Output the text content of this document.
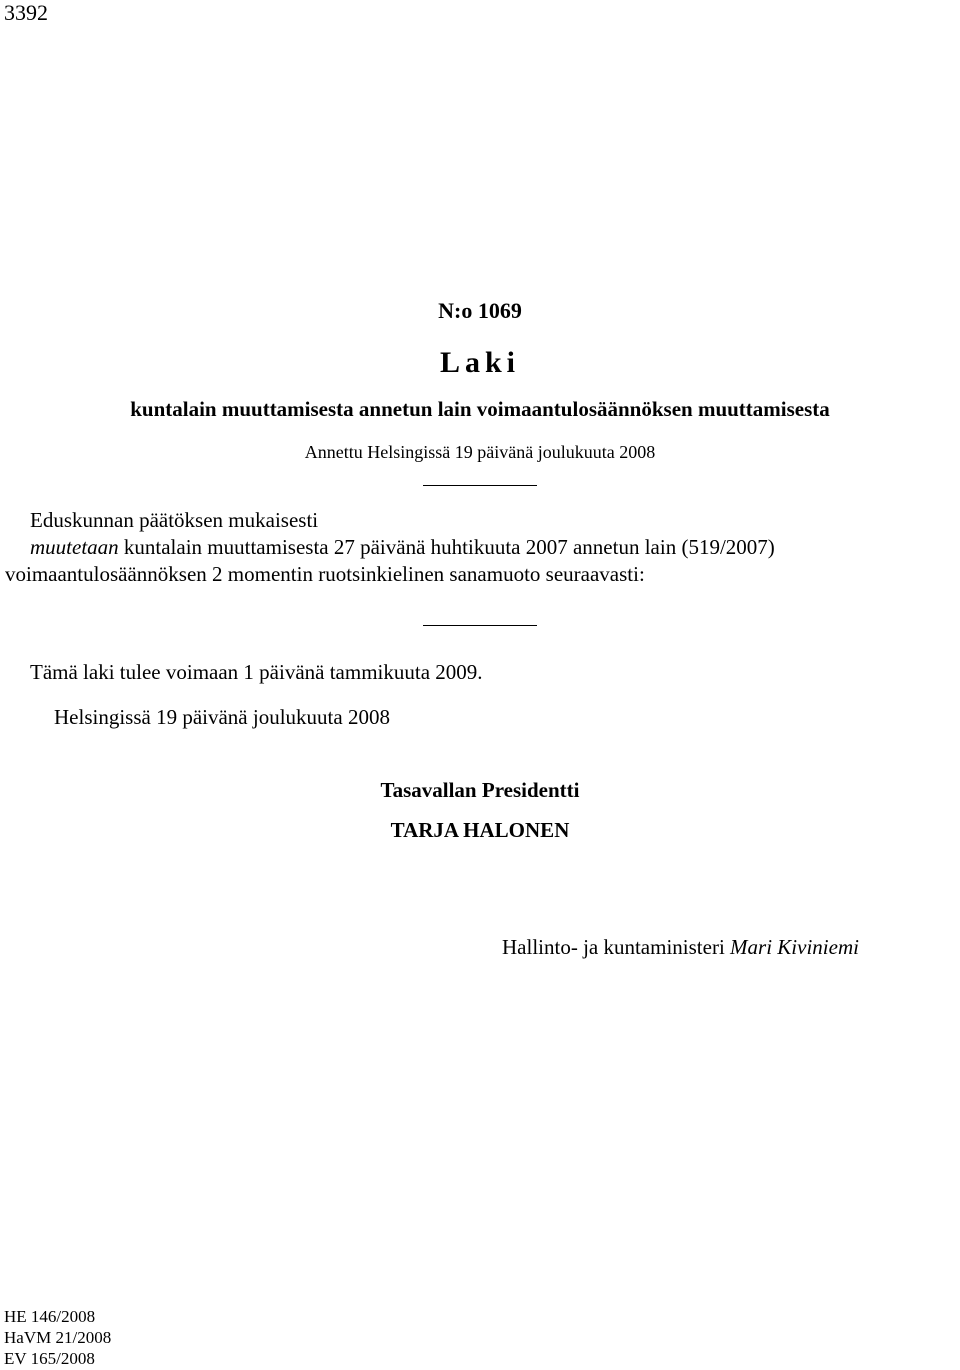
3392
N:o 1069
Laki
kuntalain muuttamisesta annetun lain voimaantulosäännöksen muuttamisesta
Annettu Helsingissä 19 päivänä joulukuuta 2008
Eduskunnan päätöksen mukaisesti
muutetaan kuntalain muuttamisesta 27 päivänä huhtikuuta 2007 annetun lain (519/2007)
voimaantulosäännöksen 2 momentin ruotsinkielinen sanamuoto seuraavasti:
Tämä laki tulee voimaan 1 päivänä tammikuuta 2009.
Helsingissä 19 päivänä joulukuuta 2008
Tasavallan Presidentti
TARJA HALONEN
Hallinto- ja kuntaministeri Mari Kiviniemi
HE 146/2008
HaVM 21/2008
EV 165/2008
